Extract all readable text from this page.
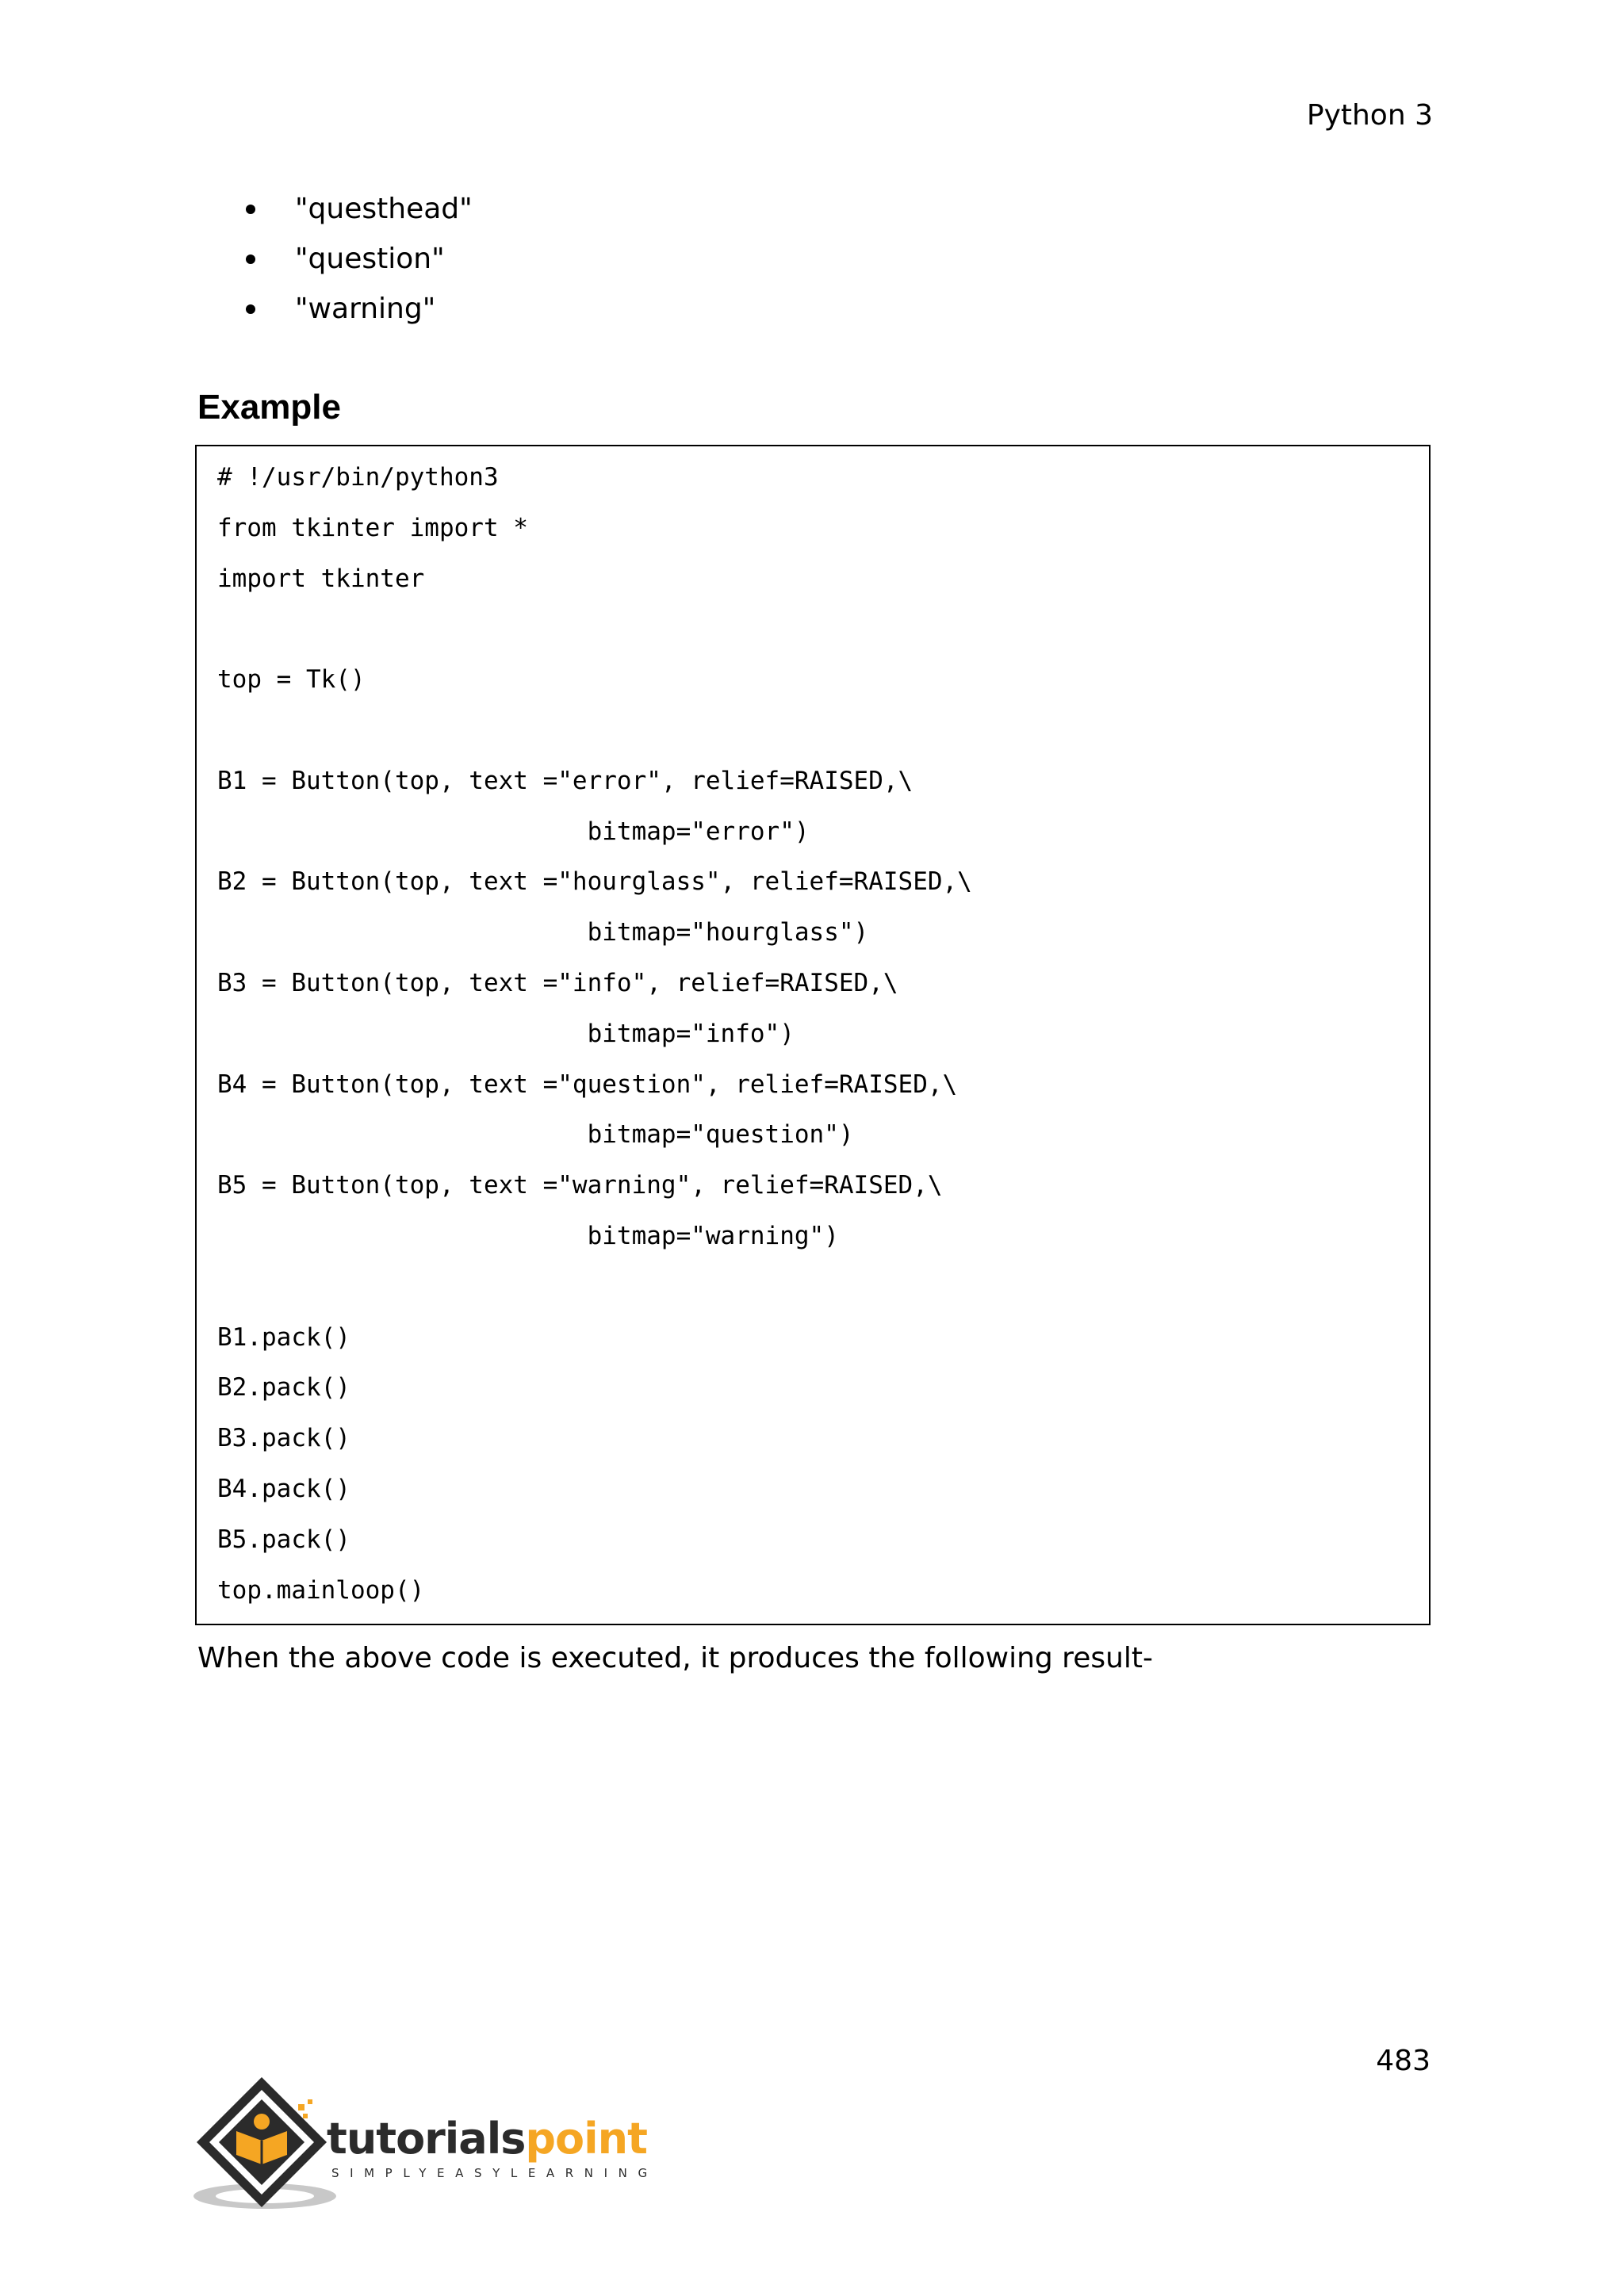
Python 3
"questhead"
"question"
"warning"
Example
# !/usr/bin/python3
from tkinter import *
import tkinter
top = Tk()
B1 = Button(top, text ="error", relief=RAISED,\
bitmap="error")
B2 = Button(top, text ="hourglass", relief=RAISED,\
bitmap="hourglass")
B3 = Button(top, text ="info", relief=RAISED,\
bitmap="info")
B4 = Button(top, text ="question", relief=RAISED,\
bitmap="question")
B5 = Button(top, text ="warning", relief=RAISED,\
bitmap="warning")
B1.pack()
B2.pack()
B3.pack()
B4.pack()
B5.pack()
top.mainloop()
When the above code is executed, it produces the following result-
483
tutorialspoint
SIMPLYEASYLEARNING
